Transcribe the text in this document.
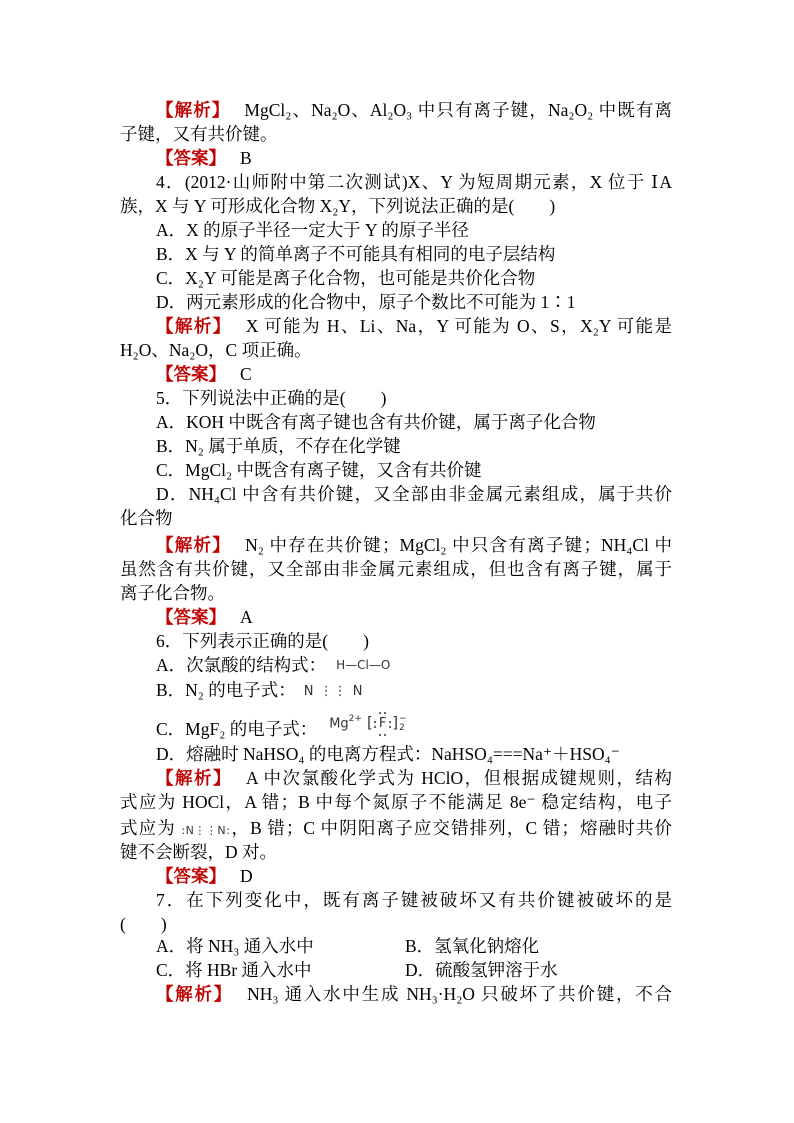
【解析】 MgCl₂、Na₂O、Al₂O₃ 中只有离子键，Na₂O₂ 中既有离
子键，又有共价键。
【答案】 B
4．(2012·山师附中第二次测试)X、Y 为短周期元素，X 位于 ⅠA
族，X 与 Y 可形成化合物 X₂Y，下列说法正确的是(　　)
A．X 的原子半径一定大于 Y 的原子半径
B．X 与 Y 的简单离子不可能具有相同的电子层结构
C．X₂Y 可能是离子化合物，也可能是共价化合物
D．两元素形成的化合物中，原子个数比不可能为 1∶1
【解析】 X 可能为 H、Li、Na，Y 可能为 O、S，X₂Y 可能是
H₂O、Na₂O，C 项正确。
【答案】 C
5．下列说法中正确的是(　　)
A．KOH 中既含有离子键也含有共价键，属于离子化合物
B．N₂ 属于单质，不存在化学键
C．MgCl₂ 中既含有离子键，又含有共价键
D．NH₄Cl 中含有共价键，又全部由非金属元素组成，属于共价
化合物
【解析】 N₂ 中存在共价键；MgCl₂ 中只含有离子键；NH₄Cl 中
虽然含有共价键，又全部由非金属元素组成，但也含有离子键，属于
离子化合物。
【答案】 A
6．下列表示正确的是(　　)
A．次氯酸的结构式： H—Cl—O
B．N₂ 的电子式： N ⋮⋮ N
C．MgF₂ 的电子式： $Mg^{2+}$ [ F ] −
2
D．熔融时 NaHSO₄ 的电离方程式：NaHSO₄===Na⁺＋HSO₄⁻
【解析】 A 中次氯酸化学式为 HClO，但根据成键规则，结构
式应为 HOCl，A 错；B 中每个氮原子不能满足 8e⁻ 稳定结构，电子
式应为 :N⋮⋮N:，B 错；C 中阴阳离子应交错排列，C 错；熔融时共价
键不会断裂，D 对。
【答案】 D
7．在下列变化中，既有离子键被破坏又有共价键被破坏的是
(　　)
A．将 NH₃ 通入水中	B．氢氧化钠熔化
C．将 HBr 通入水中	D．硫酸氢钾溶于水
【解析】 NH₃ 通入水中生成 NH₃·H₂O 只破坏了共价键，不合
